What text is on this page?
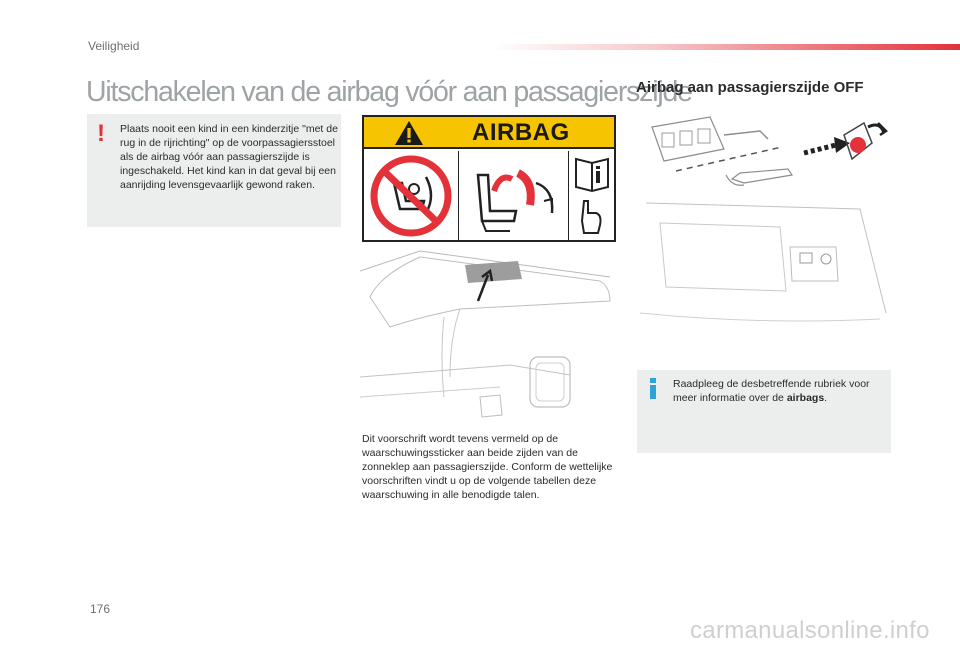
Veiligheid
Uitschakelen van de airbag vóór aan passagierszijde
! Plaats nooit een kind in een kinderzitje "met de rug in de rijrichting" op de voorpassagiersstoel als de airbag vóór aan passagierszijde is ingeschakeld. Het kind kan in dat geval bij een aanrijding levensgevaarlijk gewond raken.

AIRBAG

Dit voorschrift wordt tevens vermeld op de waarschuwingssticker aan beide zijden van de zonneklep aan passagierszijde. Conform de wettelijke voorschriften vindt u op de volgende tabellen deze waarschuwing in alle benodigde talen.

Airbag aan passagierszijde OFF

Raadpleeg de desbetreffende rubriek voor meer informatie over de airbags.

176
carmanualsonline.info
